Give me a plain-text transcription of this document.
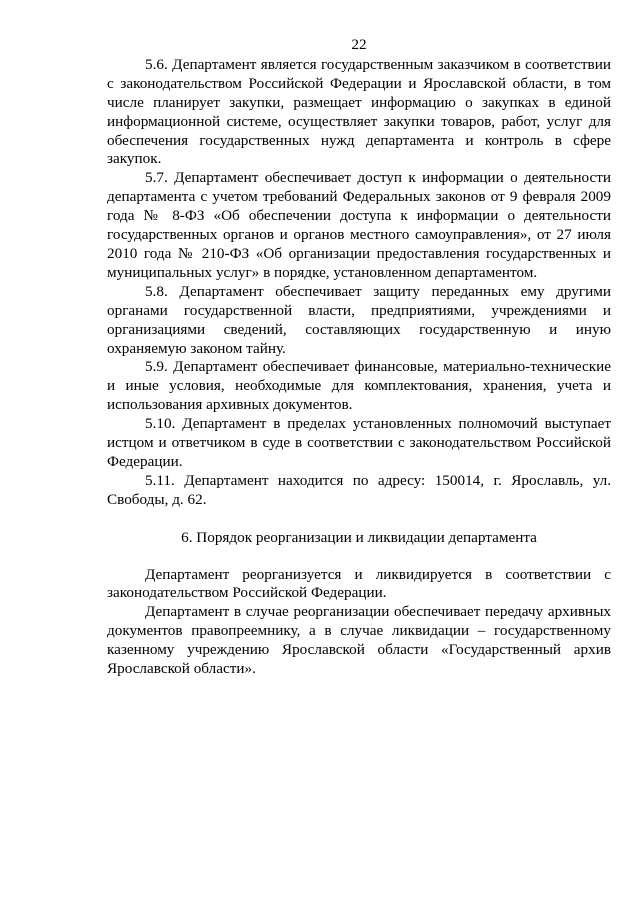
22

5.6. Департамент является государственным заказчиком в соответствии с законодательством Российской Федерации и Ярославской области, в том числе планирует закупки, размещает информацию о закупках в единой информационной системе, осуществляет закупки товаров, работ, услуг для обеспечения государственных нужд департамента и контроль в сфере закупок.

5.7. Департамент обеспечивает доступ к информации о деятельности департамента с учетом требований Федеральных законов от 9 февраля 2009 года № 8-ФЗ «Об обеспечении доступа к информации о деятельности государственных органов и органов местного самоуправления», от 27 июля 2010 года № 210-ФЗ «Об организации предоставления государственных и муниципальных услуг» в порядке, установленном департаментом.

5.8. Департамент обеспечивает защиту переданных ему другими органами государственной власти, предприятиями, учреждениями и организациями сведений, составляющих государственную и иную охраняемую законом тайну.

5.9. Департамент обеспечивает финансовые, материально-технические и иные условия, необходимые для комплектования, хранения, учета и использования архивных документов.

5.10. Департамент в пределах установленных полномочий выступает истцом и ответчиком в суде в соответствии с законодательством Российской Федерации.

5.11. Департамент находится по адресу: 150014, г. Ярославль, ул. Свободы, д. 62.

6. Порядок реорганизации и ликвидации департамента

Департамент реорганизуется и ликвидируется в соответствии с законодательством Российской Федерации.

Департамент в случае реорганизации обеспечивает передачу архивных документов правопреемнику, а в случае ликвидации – государственному казенному учреждению Ярославской области «Государственный архив Ярославской области».
